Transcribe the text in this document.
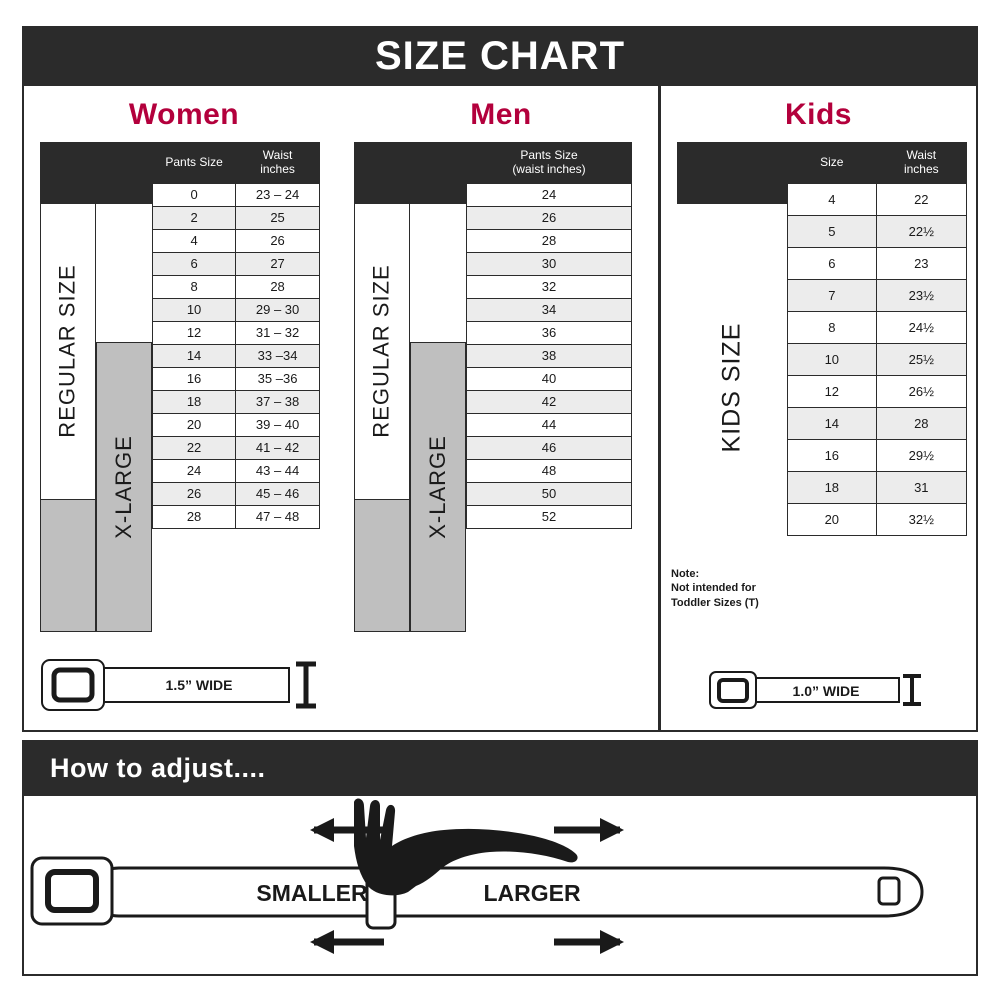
SIZE CHART
Women
REGULAR SIZE
X-LARGE
Pants Size	Waist
inches
0	23 – 24
2	25
4	26
6	27
8	28
10	29 – 30
12	31 – 32
14	33 –34
16	35 –36
18	37 – 38
20	39 – 40
22	41 – 42
24	43 – 44
26	45 – 46
28	47 – 48
1.5” WIDE
Men
REGULAR SIZE
X-LARGE
Pants Size
(waist inches)
24
26
28
30
32
34
36
38
40
42
44
46
48
50
52
Kids
KIDS SIZE
Size	Waist
inches
4	22
5	22½
6	23
7	23½
8	24½
10	25½
12	26½
14	28
16	29½
18	31
20	32½
Note:
Not intended for
Toddler Sizes (T)
1.0” WIDE
How to adjust....
SMALLER	LARGER
